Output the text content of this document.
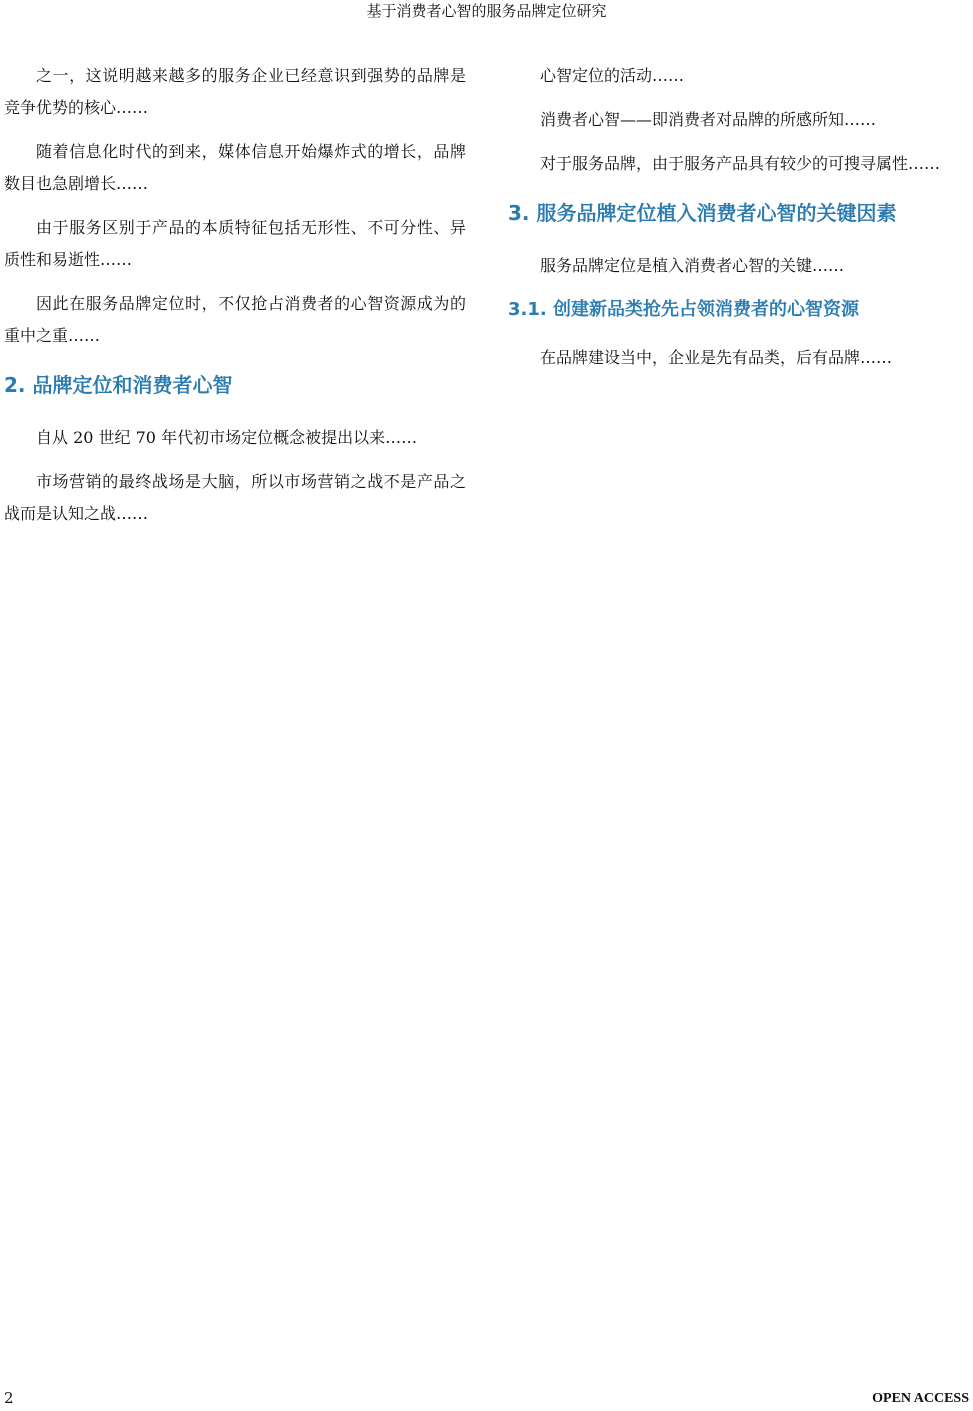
基于消费者心智的服务品牌定位研究

之一，这说明越来越多的服务企业已经意识到强势的品牌是竞争优势的核心……

随着信息化时代的到来，媒体信息开始爆炸式的增长，品牌数目也急剧增长……

由于服务区别于产品的本质特征包括无形性、不可分性、异质性和易逝性……

因此在服务品牌定位时，不仅抢占消费者的心智资源成为的重中之重……

2. 品牌定位和消费者心智

自从 20 世纪 70 年代初市场定位概念被提出以来……

市场营销的最终战场是大脑，所以市场营销之战不是产品之战而是认知之战……

心智定位的活动……

消费者心智——即消费者对品牌的所感所知……

对于服务品牌，由于服务产品具有较少的可搜寻属性……

3. 服务品牌定位植入消费者心智的关键因素

服务品牌定位是植入消费者心智的关键……

3.1. 创建新品类抢先占领消费者的心智资源

在品牌建设当中，企业是先有品类，后有品牌……

2	OPEN ACCESS
